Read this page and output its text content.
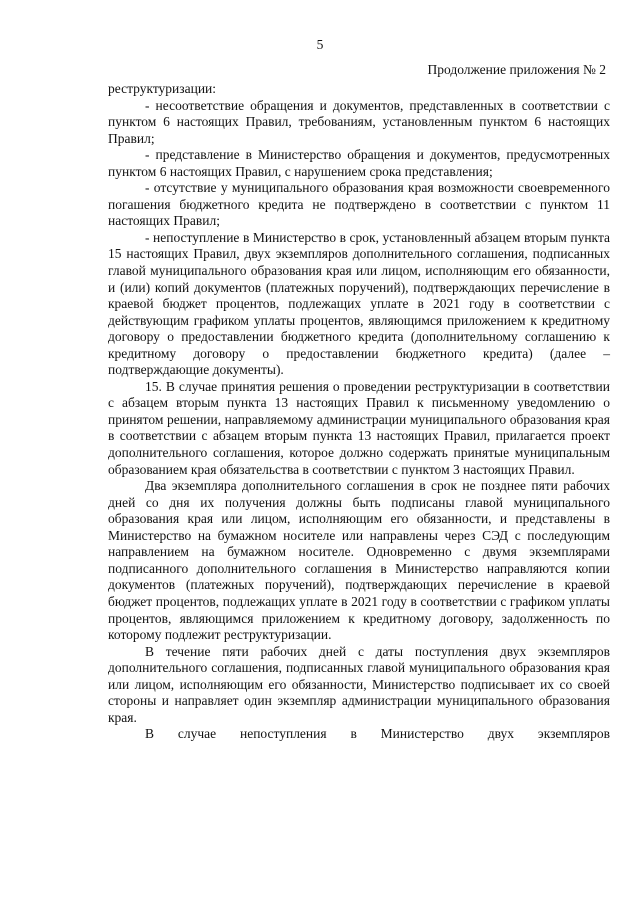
5
Продолжение приложения № 2

реструктуризации:

- несоответствие обращения и документов, представленных в соответствии с пунктом 6 настоящих Правил, требованиям, установленным пунктом 6 настоящих Правил;

- представление в Министерство обращения и документов, предусмотренных пунктом 6 настоящих Правил, с нарушением срока представления;

- отсутствие у муниципального образования края возможности своевременного погашения бюджетного кредита не подтверждено в соответствии с пунктом 11 настоящих Правил;

- непоступление в Министерство в срок, установленный абзацем вторым пункта 15 настоящих Правил, двух экземпляров дополнительного соглашения, подписанных главой муниципального образования края или лицом, исполняющим его обязанности, и (или) копий документов (платежных поручений), подтверждающих перечисление в краевой бюджет процентов, подлежащих уплате в 2021 году в соответствии с действующим графиком уплаты процентов, являющимся приложением к кредитному договору о предоставлении бюджетного кредита (дополнительному соглашению к кредитному договору о предоставлении бюджетного кредита) (далее – подтверждающие документы).

15. В случае принятия решения о проведении реструктуризации в соответствии с абзацем вторым пункта 13 настоящих Правил к письменному уведомлению о принятом решении, направляемому администрации муниципального образования края в соответствии с абзацем вторым пункта 13 настоящих Правил, прилагается проект дополнительного соглашения, которое должно содержать принятые муниципальным образованием края обязательства в соответствии с пунктом 3 настоящих Правил.

Два экземпляра дополнительного соглашения в срок не позднее пяти рабочих дней со дня их получения должны быть подписаны главой муниципального образования края или лицом, исполняющим его обязанности, и представлены в Министерство на бумажном носителе или направлены через СЭД с последующим направлением на бумажном носителе. Одновременно с двумя экземплярами подписанного дополнительного соглашения в Министерство направляются копии документов (платежных поручений), подтверждающих перечисление в краевой бюджет процентов, подлежащих уплате в 2021 году в соответствии с графиком уплаты процентов, являющимся приложением к кредитному договору, задолженность по которому подлежит реструктуризации.

В течение пяти рабочих дней с даты поступления двух экземпляров дополнительного соглашения, подписанных главой муниципального образования края или лицом, исполняющим его обязанности, Министерство подписывает их со своей стороны и направляет один экземпляр администрации муниципального образования края.

В случае непоступления в Министерство двух экземпляров
